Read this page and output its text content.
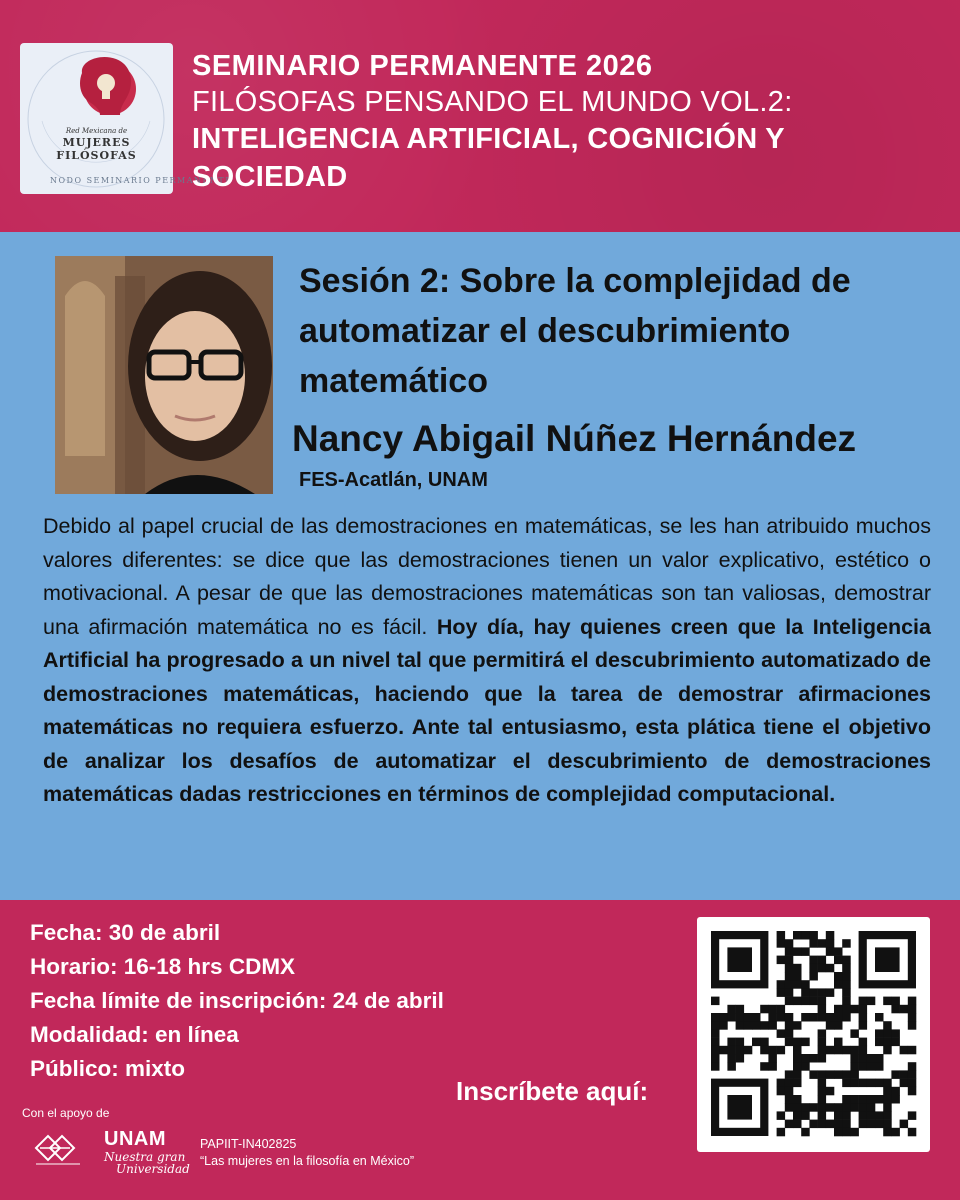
NODO SEMINARIO PERMANENTE
Red Mexicana de
MUJERES
FILÓSOFAS
SEMINARIO PERMANENTE 2026
FILÓSOFAS PENSANDO EL MUNDO VOL.2:
INTELIGENCIA ARTIFICIAL, COGNICIÓN Y SOCIEDAD
Sesión 2: Sobre la complejidad de automatizar el descubrimiento matemático
Nancy Abigail Núñez Hernández
FES-Acatlán, UNAM
Debido al papel crucial de las demostraciones en matemáticas, se les han atribuido muchos valores diferentes: se dice que las demostraciones tienen un valor explicativo, estético o motivacional. A pesar de que las demostraciones matemáticas son tan valiosas, demostrar una afirmación matemática no es fácil. Hoy día, hay quienes creen que la Inteligencia Artificial ha progresado a un nivel tal que permitirá el descubrimiento automatizado de demostraciones matemáticas, haciendo que la tarea de demostrar afirmaciones matemáticas no requiera esfuerzo. Ante tal entusiasmo, esta plática tiene el objetivo de analizar los desafíos de automatizar el descubrimiento de demostraciones matemáticas dadas restricciones en términos de complejidad computacional.
Fecha: 30 de abril
Horario: 16-18 hrs CDMX
Fecha límite de inscripción: 24 de abril
Modalidad: en línea
Público: mixto
Con el apoyo de
UNAM
Nuestra gran
Universidad
PAPIIT-IN402825
“Las mujeres en la filosofía en México”
Inscríbete aquí:
